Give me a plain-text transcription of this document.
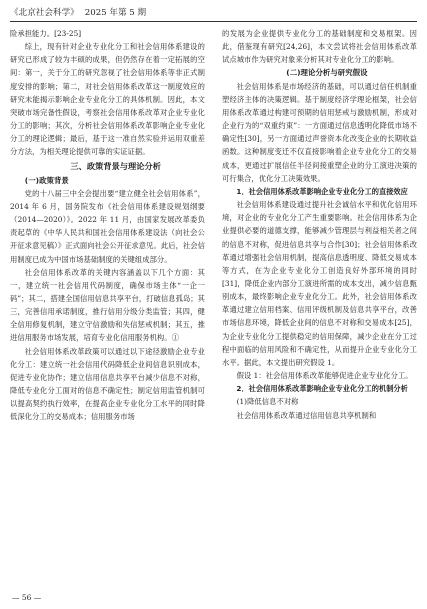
《北京社会科学》 2025 年第 5 期

险承担能力。[23-25]

综上，现有针对企业专业化分工和社会信用体系建设的研究已形成了较为丰硕的成果，但仍然存在着一定拓展的空间：第一，关于分工的研究忽视了社会信用体系等非正式制度安排的影响；第二，对社会信用体系改革这一制度效应的研究未能揭示影响企业专业化分工的具体机制。因此，本文突破市场完备性假设，考察社会信用体系改革对企业专业化分工的影响；其次，分析社会信用体系改革影响企业专业化分工的理论逻辑；最后，基于这一准自然实验并运用双重差分方法，为相关理论提供可靠的实证证据。

三、政策背景与理论分析

(一)政策背景

党的十八届三中全会提出要“建立健全社会信用体系”，2014 年 6 月，国务院发布《社会信用体系建设规划纲要（2014—2020）》。2022 年 11 月，由国家发展改革委负责起草的《中华人民共和国社会信用体系建设法（向社会公开征求意见稿）》正式面向社会公开征求意见。此后，社会信用制度已成为中国市场基础制度的关键组成部分。

社会信用体系改革的关键内容涵盖以下几个方面：其一，建立统一社会信用代码制度，确保市场主体“一企一码”；其二，搭建全国信用信息共享平台，打破信息孤岛；其三，完善信用承诺制度，推行信用分级分类监管；其四，健全信用修复机制，建立守信激励和失信惩戒机制；其五，推进信用服务市场发展，培育专业化信用服务机构。①

社会信用体系改革政策可以通过以下途径激励企业专业化分工：建立统一社会信用代码降低企业间信息识别成本，促进专业化协作；建立信用信息共享平台减少信息不对称，降低专业化分工面对的信息不确定性；制定信用监管机制可以提高契约执行效率，在提高企业专业化分工水平的同时降低深化分工的交易成本；信用服务市场

的发展为企业提供专业化分工的基础制度和交易框架。因此，借鉴现有研究[24,26]，本文尝试将社会信用体系改革试点城市作为研究对象来分析其对专业化分工的影响。

(二)理论分析与研究假设

社会信用体系是市场经济的基础，可以通过信任机制重塑经济主体的决策逻辑。基于制度经济学理论框架，社会信用体系改革通过构建可预期的信用惩戒与激励机制，形成对企业行为的“双重约束”：一方面通过信息透明化降低市场不确定性[30]，另一方面通过声誉资本化改变企业的长期收益函数。这种制度变迁不仅直接影响着企业专业化分工的交易成本，更通过扩展信任半径间接重塑企业的分工演进决策的可行集合，优化分工决策效果。

1．社会信用体系改革影响企业专业化分工的直接效应

社会信用体系建设通过提升社会诚信水平和优化信用环境，对企业的专业化分工产生重要影响。社会信用体系为企业提供必要的道德支撑，能够减少管理层与利益相关者之间的信息不对称，促进信息共享与合作[30]；社会信用体系改革通过增强社会信用机制，提高信息透明度、降低交易成本等方式，在为企业专业化分工创造良好外部环境的同时[31]，降低企业内部分工演进所需的成本支出，减少信息甄别成本，最终影响企业专业化分工。此外，社会信用体系改革通过建立信用档案、信用评级机制及信息共享平台，改善市场信息环境，降低企业间的信息不对称和交易成本[25]，为企业专业化分工提供稳定的信用保障，减少企业在分工过程中面临的信用风险和不确定性，从而提升企业专业化分工水平。据此，本文提出研究假设 1。

假设 1：社会信用体系改革能够促进企业专业化分工。

2．社会信用体系改革影响企业专业化分工的机制分析

(1)降低信息不对称

社会信用体系改革通过信用信息共享机制和

— 56 —
